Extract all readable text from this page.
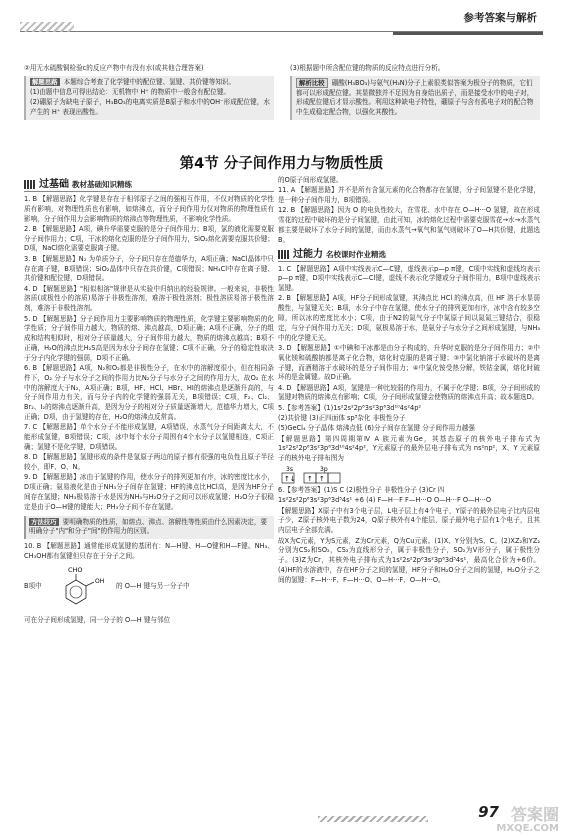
参考答案与解析

②用无水硫酸铜检验c的反应产物中有没有水(或其他合理答案)

解题思路 本题综合考查了化学键中的配位键、氢键、共价键等知识。

(1)由题中信息可得出结论：无机物中 H⁺ 的物质中一般含有配位键。

(2)硼原子为缺电子原子，H₃BO₃的电离实质是B原子和水中的OH⁻形成配位键，水产生的 H⁺ 表现出酸性。

(3)根据题中所含配位键的物质的反应特点进行分析。

解析比较 硼酸(H₃BO₃)与氨气(H₃N)分子上素很类似答案为极分子的物质，它们都可以形成配位键。其显微独并不足因为自身给出质子，而是接受水中的电子对，形成配位键后才显示酸性。利用这种缺电子特性，硼原子与含有孤电子对的配合物中生成稳定配合物，以强化其酸性。
第4节 分子间作用力与物质性质
过基础 教材基础知识精练

1. B 【解题思路】化学键是存在于相邻原子之间的强相互作用，不仅对物质的化学性质有影响，对物理性质也有影响，如熔沸点，而分子间作用力仅对物质的物理性质有影响，分子间作用力会影响物质的熔沸点等物理性质，不影响化学性质。

2. B 【解题思路】A项，碘升华需要克服的是分子间作用力；B项，氯的液化需要克服分子间作用力；C项，干冰的熔化克服的是分子间作用力，SiO₂熔化需要克服共价键；D项，NaCl熔化需要克服离子键。

3. B 【解题思路】N₂ 为单质分子，分子间只存在范德华力，A项正确；NaCl晶体中只存在离子键，B项错误；SiO₂晶体中只存在共价键，C项错误；NH₄Cl中存在离子键、共价键和配位键，D项错误。

4. D 【解题思路】"相似相溶"规律是从实验中归纳出的经验规律。一般来说，非极性溶质(或极性小的溶质)易溶于非极性溶剂，难溶于极性溶剂；极性溶质易溶于极性溶剂，难溶于非极性溶剂。

5. D 【解题思路】分子间作用力主要影响物质的物理性质，化学键主要影响物质的化学性质；分子间作用力越大，物质的熔、沸点越高，D项正确；A项不正确，分子的组成和结构相似时，相对分子质量越大，分子间作用力越大，物质的熔沸点越高；B项不正确，H₂O的沸点比H₂S高是因为水分子间存在氢键；C项不正确，分子的稳定性取决于分子内化学键的强弱，D项不正确。

6. B 【解题思路】A项，N₂和O₂都是非极性分子，在水中的溶解度很小，但在相同条件下，O₂ 分子与水分子之间的作用力比N₂分子与水分子之间的作用力大，故O₂ 在水中的溶解度大于N₂，A项正确；B项，HF、HCl、HBr、HI的熔沸点是逐渐升高的，与分子间作用力有关，而与分子内的化学键的强弱无关，B项错误；C项，F₂、Cl₂、Br₂、I₂的熔沸点逐渐升高，是因为分子的相对分子质量逐渐增大，范德华力增大，C项正确；D项，由于氢键的存在，H₂O的熔沸点反常高。

7. C 【解题思路】单个水分子不能形成氢键，A项错误，水蒸气分子间距离太大，不能形成氢键，B项错误；C项，冰中每个水分子周围有4个水分子以氢键相连，C项正确；氢键不是化学键，D项错误。

8. D 【解题思路】氢键形成的条件是氢原子两边的原子都有很强的电负性且原子半径较小，即F、O、N。

9. D 【解题思路】冰由于氢键的作用，使水分子的排列更加有序，冰的密度比水小，D项正确；氨易液化是由于NH₃分子间存在氢键；HF的沸点比HCl高，是因为HF分子间存在氢键；NH₃极易溶于水是因为NH₃与H₂O分子之间可以形成氢键；H₂O分子很稳定是由于O—H键的键能大；PH₃分子间不存在氢键。

方法技巧 要明确物质的性质，如熔点、沸点、溶解性等性质由什么因素决定，要明确分子"内"和分子"间"的作用力的区别。

10. B 【解题思路】通常能形成氢键的基团有：N—H键、H—O键和H—F键。NH₃、CH₃OH都有氢键但只存在于分子之间。

B项中
CHO
OH
的 O—H 键与另一分子中

可在分子间形成氢键，同一分子的 O—H 键与邻位

的O原子间形成氢键。

11. A 【解题思路】并不是所有含氢元素的化合物都存在氢键，分子间氢键不是化学键，是一种分子间作用力，B项错误。

12. B 【解题思路】因为 O 的电负性较大，在雪花、水中存在 O—H···O 氢键，故在形成雪花的过程中破坏的是分子间氢键，由此可知，冰的熔化过程中需要克服雪花→水→水蒸气都主要是破坏了水分子间的氢键，而由水蒸气→氧气和氢气则破坏了O—H共价键，此题选B。

过能力 名校课时作业精选

1. C 【解题思路】A项中实线表示C—C键，虚线表示p—p π键，C项中实线和虚线均表示p—p π键，D项中实线表示C—Cl键，虚线不表示化学键或分子间作用力，B项中虚线表示氢键。

2. B 【解题思路】A项，HF分子间形成氢键，其沸点比 HCl 的沸点高，但 HF 溶于水显弱酸性，与氢键无关；B项，水分子中存在氢键，使水分子的排列更加有序，冰中含有较多空隙，所以冰的密度比水小；C项，由于N2的氮气分子中氮原子间以氮氮三键结合，很稳定，与分子间作用力无关；D项，氨极易溶于水，是氨分子与水分子之间形成氢键，与NH₃中的化学键无关。

3. D 【解题思路】①中碘和干冰都是由分子构成的，升华时克服的是分子间作用力；②中氧化镁和硫酸钠都是离子化合物，熔化时克服的是离子键；③中氯化钠溶于水破坏的是离子键，而酒精溶于水破坏的是分子间作用力；④中氯化铵受热分解，铁钴金属，熔化时破坏的是金属键。故D正确。

4. D 【解题思路】A项，氢键是一种比较弱的作用力，不属于化学键；B项，分子间形成的氢键对物质的熔沸点有影响；C项，分子间形成氢键会使物质的熔沸点升高；故本题选D。

5.【参考答案】(1)1s²2s²2p⁶3s²3p⁶3d¹⁰4s²4p²

(2)共价键 (3)正四面体 sp³杂化 非极性分子

(5)GeCl₄ 分子晶体 熔沸点低 (6)分子间存在氢键 分子间作用力越强

【解题思路】第四周期第Ⅳ A 族元素为Ge，其基态原子的核外电子排布式为1s²2s²2p⁶3s²3p⁶3d¹⁰4s²4p²，Y元素原子的最外层电子排布式为 ns²np²，X、Y 元素原子的核外电子排布图为

3s	3p
↑↓ ↑ ↑

6.【参考答案】(1)S C (2)极性分子 非极性分子 (3)Cr 四

1s²2s²2p⁶3s²3p⁶3d⁵4s¹ +6 (4) F—H···F F—H···O O—H···F O—H···O

【解题思路】X原子中有3个电子层，L电子层上有4个电子，Y原子的最外层电子比内层电子少，Z原子核外电子数为24，Q原子核外有4个能层，原子最外电子层有1个电子，且其内层电子全部充满。

故X为C元素，Y为S元素，Z为Cr元素，Q为Cu元素。(1)X、Y分别为S、C。(2)XZ₂和YZ₂分别为CS₂和SO₂，CS₂为直线形分子，属于非极性分子，SO₂为V形分子，属于极性分子。(3)Z为Cr，其核外电子排布式为1s²2s²2p⁶3s²3p⁶3d⁵4s¹，最高化合价为+6价。(4)HF的水溶液中，存在HF分子之间的氢键，HF分子和H₂O分子之间的氢键，H₂O分子之间的氢键：F—H···F、F—H···O、O—H···F、O—H···O。

97 答案圈
MXQE.COM
